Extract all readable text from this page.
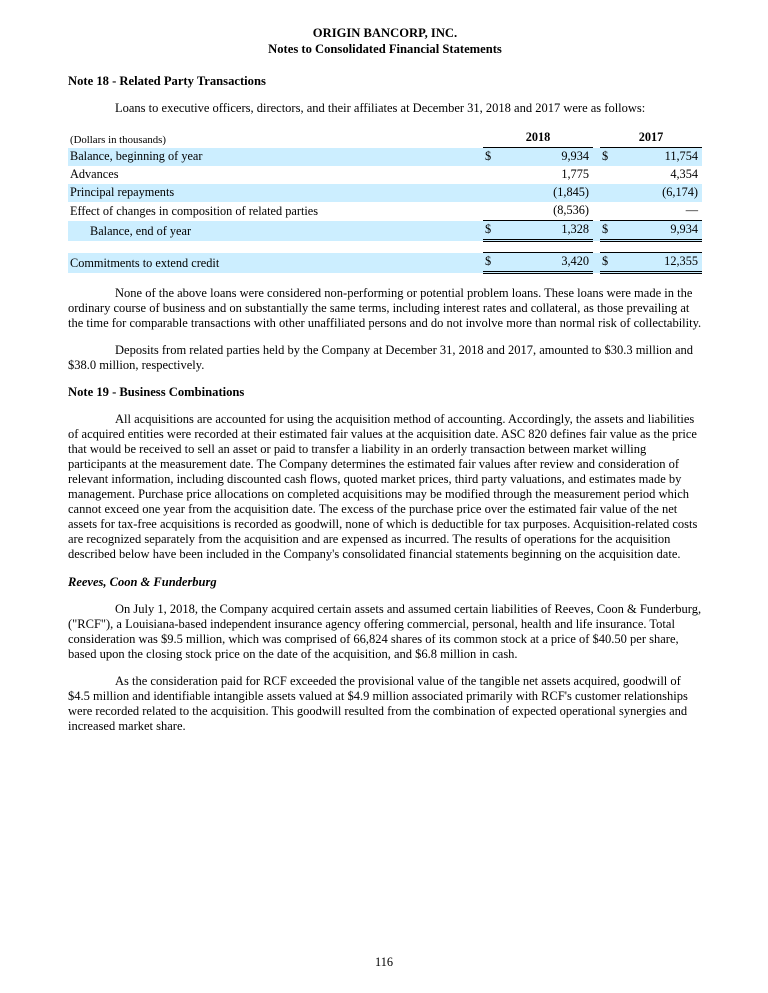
ORIGIN BANCORP, INC.
Notes to Consolidated Financial Statements
Note 18 - Related Party Transactions

Loans to executive officers, directors, and their affiliates at December 31, 2018 and 2017 were as follows:

(Dollars in thousands)	2018			2017	
Balance, beginning of year	$	9,934		$	11,754
Advances		1,775			4,354
Principal repayments		(1,845)			(6,174)
Effect of changes in composition of related parties		(8,536)			—
Balance, end of year	$	1,328		$	9,934

Commitments to extend credit	$	3,420		$	12,355

None of the above loans were considered non-performing or potential problem loans. These loans were made in the ordinary course of business and on substantially the same terms, including interest rates and collateral, as those prevailing at the time for comparable transactions with other unaffiliated persons and do not involve more than normal risk of collectability.

Deposits from related parties held by the Company at December 31, 2018 and 2017, amounted to $30.3 million and $38.0 million, respectively.

Note 19 - Business Combinations

All acquisitions are accounted for using the acquisition method of accounting. Accordingly, the assets and liabilities of acquired entities were recorded at their estimated fair values at the acquisition date. ASC 820 defines fair value as the price that would be received to sell an asset or paid to transfer a liability in an orderly transaction between market willing participants at the measurement date. The Company determines the estimated fair values after review and consideration of relevant information, including discounted cash flows, quoted market prices, third party valuations, and estimates made by management. Purchase price allocations on completed acquisitions may be modified through the measurement period which cannot exceed one year from the acquisition date. The excess of the purchase price over the estimated fair value of the net assets for tax-free acquisitions is recorded as goodwill, none of which is deductible for tax purposes. Acquisition-related costs are recognized separately from the acquisition and are expensed as incurred. The results of operations for the acquisition described below have been included in the Company's consolidated financial statements beginning on the acquisition date.

Reeves, Coon & Funderburg

On July 1, 2018, the Company acquired certain assets and assumed certain liabilities of Reeves, Coon & Funderburg, ("RCF"), a Louisiana-based independent insurance agency offering commercial, personal, health and life insurance. Total consideration was $9.5 million, which was comprised of 66,824 shares of its common stock at a price of $40.50 per share, based upon the closing stock price on the date of the acquisition, and $6.8 million in cash.

As the consideration paid for RCF exceeded the provisional value of the tangible net assets acquired, goodwill of $4.5 million and identifiable intangible assets valued at $4.9 million associated primarily with RCF's customer relationships were recorded related to the acquisition. This goodwill resulted from the combination of expected operational synergies and increased market share.

116
